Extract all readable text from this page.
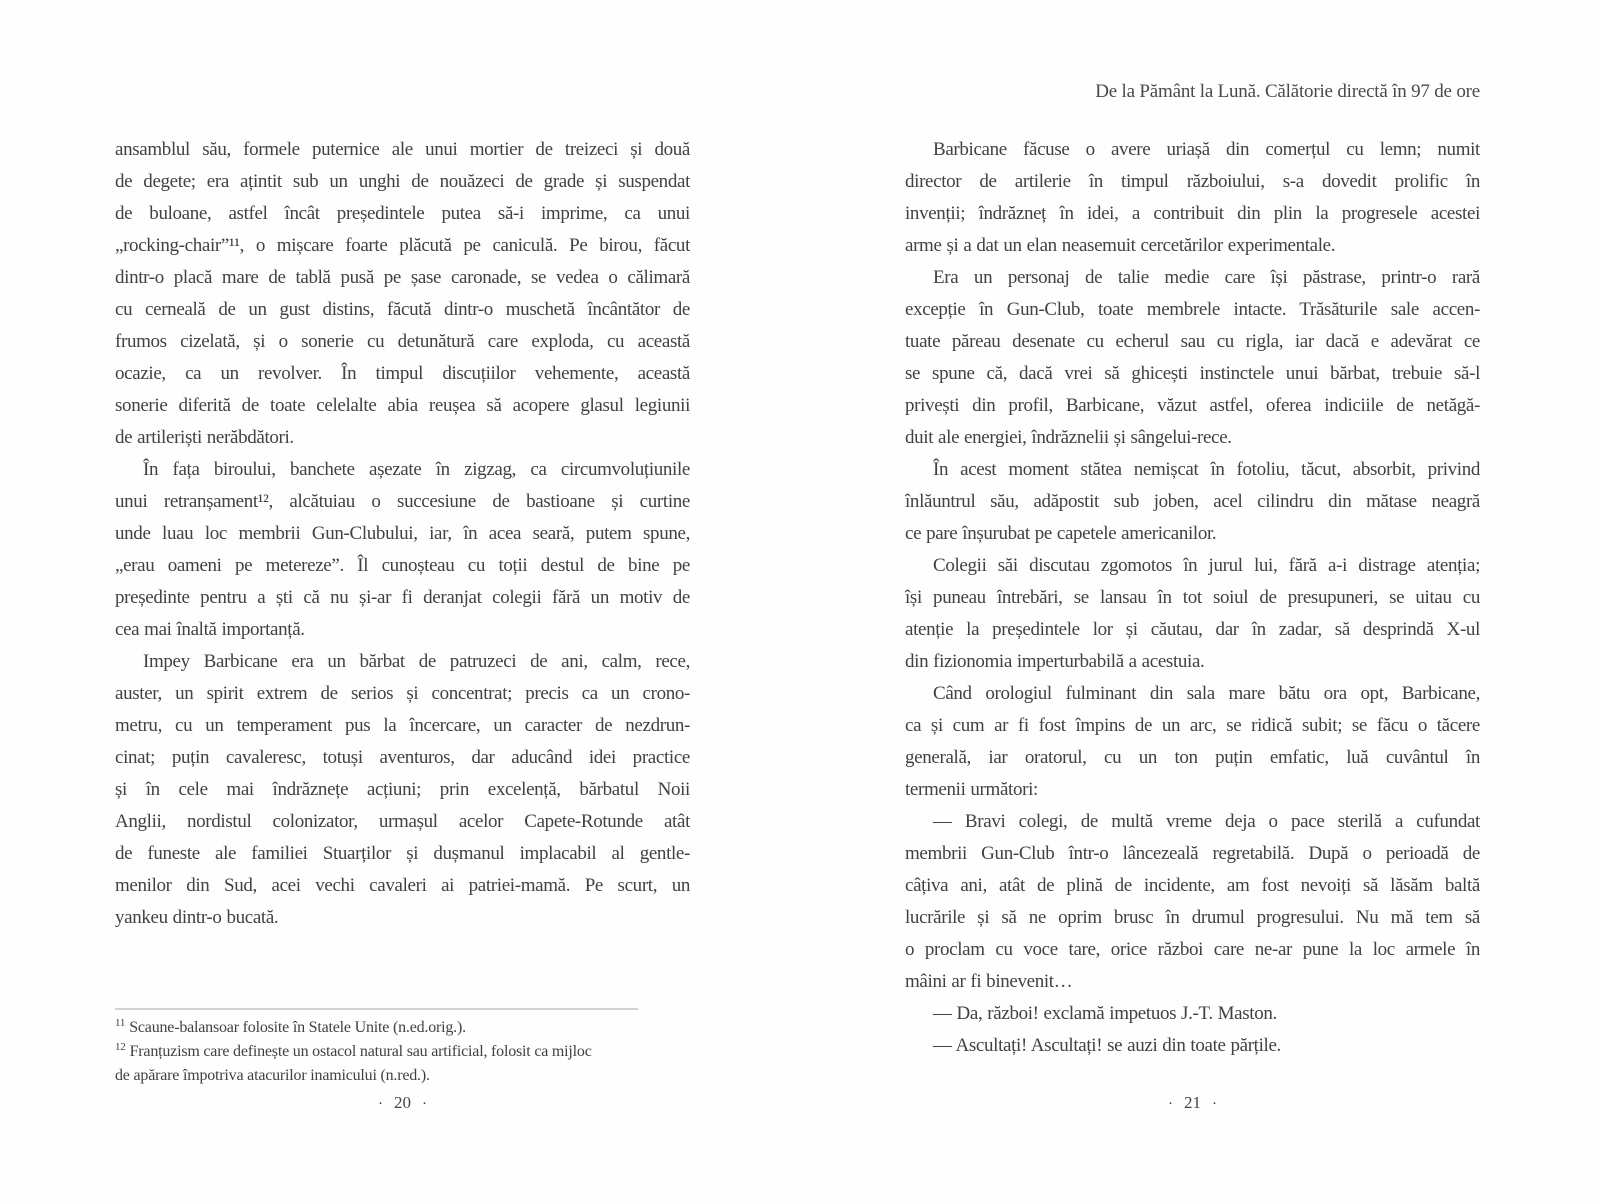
ansamblul său, formele puternice ale unui mortier de treizeci și două
de degete; era ațintit sub un unghi de nouăzeci de grade și suspendat
de buloane, astfel încât președintele putea să-i imprime, ca unui
„rocking-chair”¹¹, o mișcare foarte plăcută pe caniculă. Pe birou, făcut
dintr-o placă mare de tablă pusă pe șase caronade, se vedea o călimară
cu cerneală de un gust distins, făcută dintr-o muschetă încântător de
frumos cizelată, și o sonerie cu detunătură care exploda, cu această
ocazie, ca un revolver. În timpul discuțiilor vehemente, această
sonerie diferită de toate celelalte abia reușea să acopere glasul legiunii
de artileriști nerăbdători.
În fața biroului, banchete așezate în zigzag, ca circumvoluțiunile
unui retranșament¹², alcătuiau o succesiune de bastioane și curtine
unde luau loc membrii Gun-Clubului, iar, în acea seară, putem spune,
„erau oameni pe metereze”. Îl cunoșteau cu toții destul de bine pe
președinte pentru a ști că nu și-ar fi deranjat colegii fără un motiv de
cea mai înaltă importanță.
Impey Barbicane era un bărbat de patruzeci de ani, calm, rece,
auster, un spirit extrem de serios și concentrat; precis ca un crono-
metru, cu un temperament pus la încercare, un caracter de nezdrun-
cinat; puțin cavaleresc, totuși aventuros, dar aducând idei practice
și în cele mai îndrăznețe acțiuni; prin excelență, bărbatul Noii
Anglii, nordistul colonizator, urmașul acelor Capete-Rotunde atât
de funeste ale familiei Stuarților și dușmanul implacabil al gentle-
menilor din Sud, acei vechi cavaleri ai patriei-mamă. Pe scurt, un
yankeu dintr-o bucată.
$^{11}$ Scaune-balansoar folosite în Statele Unite (n.ed.orig.).
$^{12}$ Franțuzism care definește un ostacol natural sau artificial, folosit ca mijloc
de apărare împotriva atacurilor inamicului (n.red.).
· 20 ·
De la Pământ la Lună. Călătorie directă în 97 de ore
Barbicane făcuse o avere uriașă din comerțul cu lemn; numit
director de artilerie în timpul războiului, s-a dovedit prolific în
invenții; îndrăzneț în idei, a contribuit din plin la progresele acestei
arme și a dat un elan neasemuit cercetărilor experimentale.
Era un personaj de talie medie care își păstrase, printr-o rară
excepție în Gun-Club, toate membrele intacte. Trăsăturile sale accen-
tuate păreau desenate cu echerul sau cu rigla, iar dacă e adevărat ce
se spune că, dacă vrei să ghicești instinctele unui bărbat, trebuie să-l
privești din profil, Barbicane, văzut astfel, oferea indiciile de netăgă-
duit ale energiei, îndrăznelii și sângelui-rece.
În acest moment stătea nemișcat în fotoliu, tăcut, absorbit, privind
înlăuntrul său, adăpostit sub joben, acel cilindru din mătase neagră
ce pare înșurubat pe capetele americanilor.
Colegii săi discutau zgomotos în jurul lui, fără a-i distrage atenția;
își puneau întrebări, se lansau în tot soiul de presupuneri, se uitau cu
atenție la președintele lor și căutau, dar în zadar, să desprindă X-ul
din fizionomia imperturbabilă a acestuia.
Când orologiul fulminant din sala mare bătu ora opt, Barbicane,
ca și cum ar fi fost împins de un arc, se ridică subit; se făcu o tăcere
generală, iar oratorul, cu un ton puțin emfatic, luă cuvântul în
termenii următori:
— Bravi colegi, de multă vreme deja o pace sterilă a cufundat
membrii Gun-Club într-o lâncezeală regretabilă. După o perioadă de
câțiva ani, atât de plină de incidente, am fost nevoiți să lăsăm baltă
lucrările și să ne oprim brusc în drumul progresului. Nu mă tem să
o proclam cu voce tare, orice război care ne-ar pune la loc armele în
mâini ar fi binevenit…
— Da, război! exclamă impetuos J.-T. Maston.
— Ascultați! Ascultați! se auzi din toate părțile.
· 21 ·
